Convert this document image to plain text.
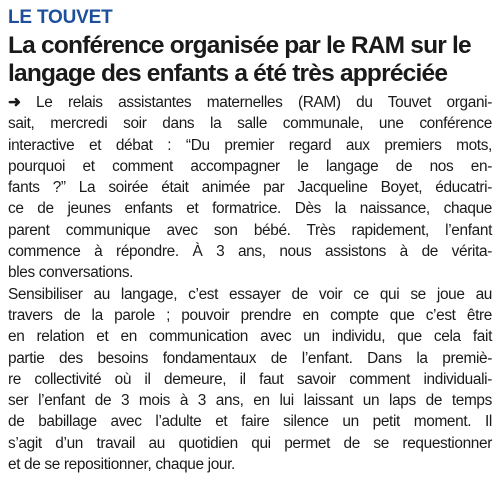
LE TOUVET
La conférence organisée par le RAM sur le
langage des enfants a été très appréciée
➜ Le relais assistantes maternelles (RAM) du Touvet organi-
sait, mercredi soir dans la salle communale, une conférence
interactive et débat : “Du premier regard aux premiers mots,
pourquoi et comment accompagner le langage de nos en-
fants ?” La soirée était animée par Jacqueline Boyet, éducatri-
ce de jeunes enfants et formatrice. Dès la naissance, chaque
parent communique avec son bébé. Très rapidement, l’enfant
commence à répondre. À 3 ans, nous assistons à de vérita-
bles conversations.
Sensibiliser au langage, c’est essayer de voir ce qui se joue au
travers de la parole ; pouvoir prendre en compte que c’est être
en relation et en communication avec un individu, que cela fait
partie des besoins fondamentaux de l’enfant. Dans la premiè-
re collectivité où il demeure, il faut savoir comment individuali-
ser l’enfant de 3 mois à 3 ans, en lui laissant un laps de temps
de babillage avec l’adulte et faire silence un petit moment. Il
s’agit d’un travail au quotidien qui permet de se requestionner
et de se repositionner, chaque jour.
